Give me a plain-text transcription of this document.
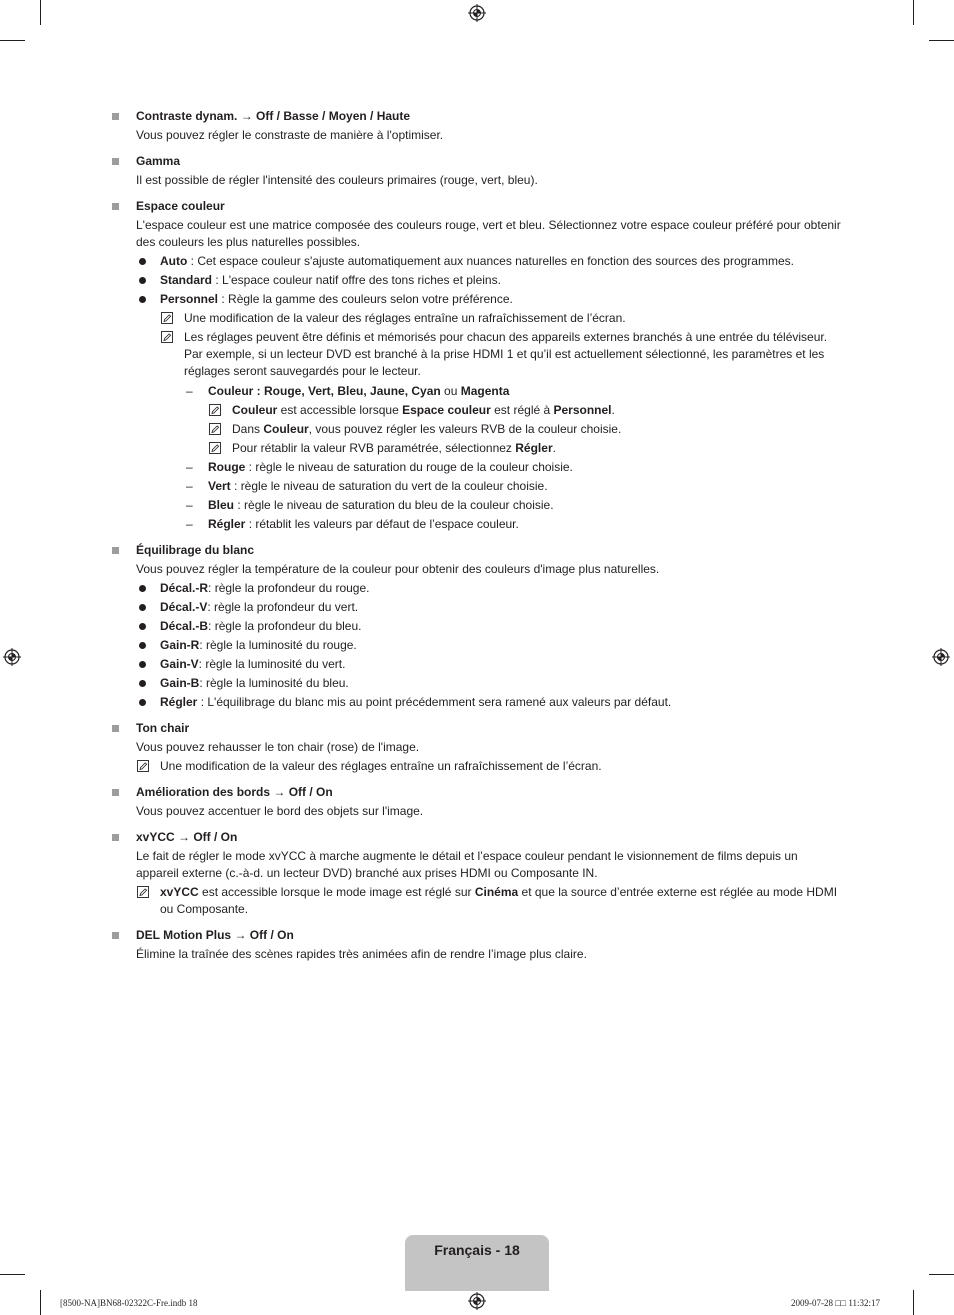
Contraste dynam. → Off / Basse / Moyen / Haute
Vous pouvez régler le constraste de manière à l'optimiser.
Gamma
Il est possible de régler l'intensité des couleurs primaires (rouge, vert, bleu).
Espace couleur
L'espace couleur est une matrice composée des couleurs rouge, vert et bleu. Sélectionnez votre espace couleur préféré pour obtenir des couleurs les plus naturelles possibles.
Auto : Cet espace couleur s'ajuste automatiquement aux nuances naturelles en fonction des sources des programmes.
Standard : L'espace couleur natif offre des tons riches et pleins.
Personnel : Règle la gamme des couleurs selon votre préférence.
Une modification de la valeur des réglages entraîne un rafraîchissement de l’écran.
Les réglages peuvent être définis et mémorisés pour chacun des appareils externes branchés à une entrée du téléviseur. Par exemple, si un lecteur DVD est branché à la prise HDMI 1 et qu’il est actuellement sélectionné, les paramètres et les réglages seront sauvegardés pour le lecteur.
– Couleur : Rouge, Vert, Bleu, Jaune, Cyan ou Magenta
Couleur est accessible lorsque Espace couleur est réglé à Personnel.
Dans Couleur, vous pouvez régler les valeurs RVB de la couleur choisie.
Pour rétablir la valeur RVB paramétrée, sélectionnez Régler.
– Rouge : règle le niveau de saturation du rouge de la couleur choisie.
– Vert : règle le niveau de saturation du vert de la couleur choisie.
– Bleu : règle le niveau de saturation du bleu de la couleur choisie.
– Régler : rétablit les valeurs par défaut de l’espace couleur.
Équilibrage du blanc
Vous pouvez régler la température de la couleur pour obtenir des couleurs d'image plus naturelles.
Décal.-R: règle la profondeur du rouge.
Décal.-V: règle la profondeur du vert.
Décal.-B: règle la profondeur du bleu.
Gain-R: règle la luminosité du rouge.
Gain-V: règle la luminosité du vert.
Gain-B: règle la luminosité du bleu.
Régler : L'équilibrage du blanc mis au point précédemment sera ramené aux valeurs par défaut.
Ton chair
Vous pouvez rehausser le ton chair (rose) de l'image.
Une modification de la valeur des réglages entraîne un rafraîchissement de l’écran.
Amélioration des bords → Off / On
Vous pouvez accentuer le bord des objets sur l'image.
xvYCC → Off / On
Le fait de régler le mode xvYCC à marche augmente le détail et l’espace couleur pendant le visionnement de films depuis un appareil externe (c.-à-d. un lecteur DVD) branché aux prises HDMI ou Composante IN.
xvYCC est accessible lorsque le mode image est réglé sur Cinéma et que la source d’entrée externe est réglée au mode HDMI ou Composante.
DEL Motion Plus → Off / On
Élimine la traînée des scènes rapides très animées afin de rendre l’image plus claire.
Français - 18
[8500-NA]BN68-02322C-Fre.indb 18	2009-07-28 □□ 11:32:17
